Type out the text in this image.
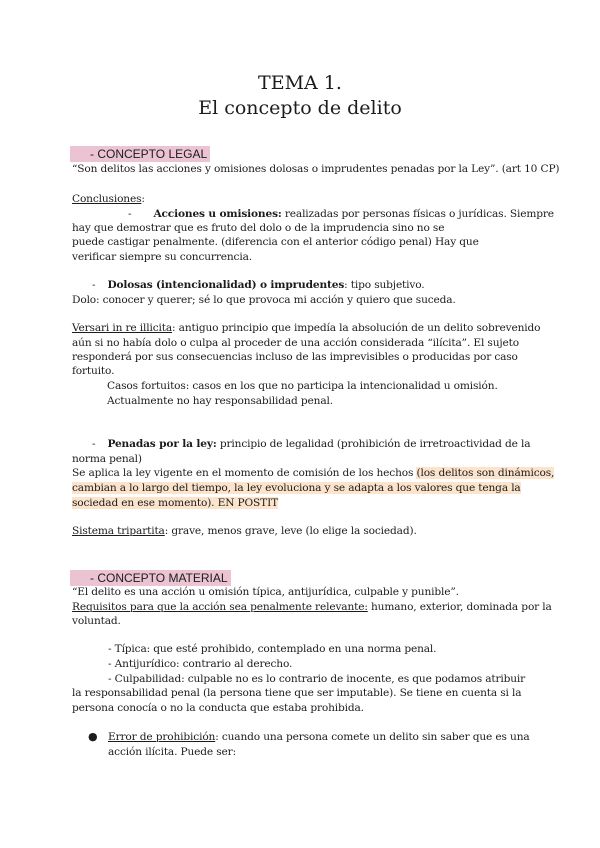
TEMA 1.
El concepto de delito
- CONCEPTO LEGAL
“Son delitos las acciones y omisiones dolosas o imprudentes penadas por la Ley”. (art 10 CP)
Conclusiones:
- Acciones u omisiones: realizadas por personas físicas o jurídicas. Siempre
hay que demostrar que es fruto del dolo o de la imprudencia sino no se
puede castigar penalmente. (diferencia con el anterior código penal) Hay que
verificar siempre su concurrencia.
- Dolosas (intencionalidad) o imprudentes: tipo subjetivo.
Dolo: conocer y querer; sé lo que provoca mi acción y quiero que suceda.
Versari in re illicita: antiguo principio que impedía la absolución de un delito sobrevenido
aún si no había dolo o culpa al proceder de una acción considerada “ilícita”. El sujeto
responderá por sus consecuencias incluso de las imprevisibles o producidas por caso
fortuito.
Casos fortuitos: casos en los que no participa la intencionalidad u omisión.
Actualmente no hay responsabilidad penal.
- Penadas por la ley: principio de legalidad (prohibición de irretroactividad de la
norma penal)
Se aplica la ley vigente en el momento de comisión de los hechos (los delitos son dinámicos,
cambian a lo largo del tiempo, la ley evoluciona y se adapta a los valores que tenga la
sociedad en ese momento). EN POSTIT
Sistema tripartita: grave, menos grave, leve (lo elige la sociedad).
- CONCEPTO MATERIAL
“El delito es una acción u omisión típica, antijurídica, culpable y punible”.
Requisitos para que la acción sea penalmente relevante: humano, exterior, dominada por la
voluntad.
- Típica: que esté prohibido, contemplado en una norma penal.
- Antijurídico: contrario al derecho.
- Culpabilidad: culpable no es lo contrario de inocente, es que podamos atribuir
la responsabilidad penal (la persona tiene que ser imputable). Se tiene en cuenta si la
persona conocía o no la conducta que estaba prohibida.
● Error de prohibición: cuando una persona comete un delito sin saber que es una
acción ilícita. Puede ser:
